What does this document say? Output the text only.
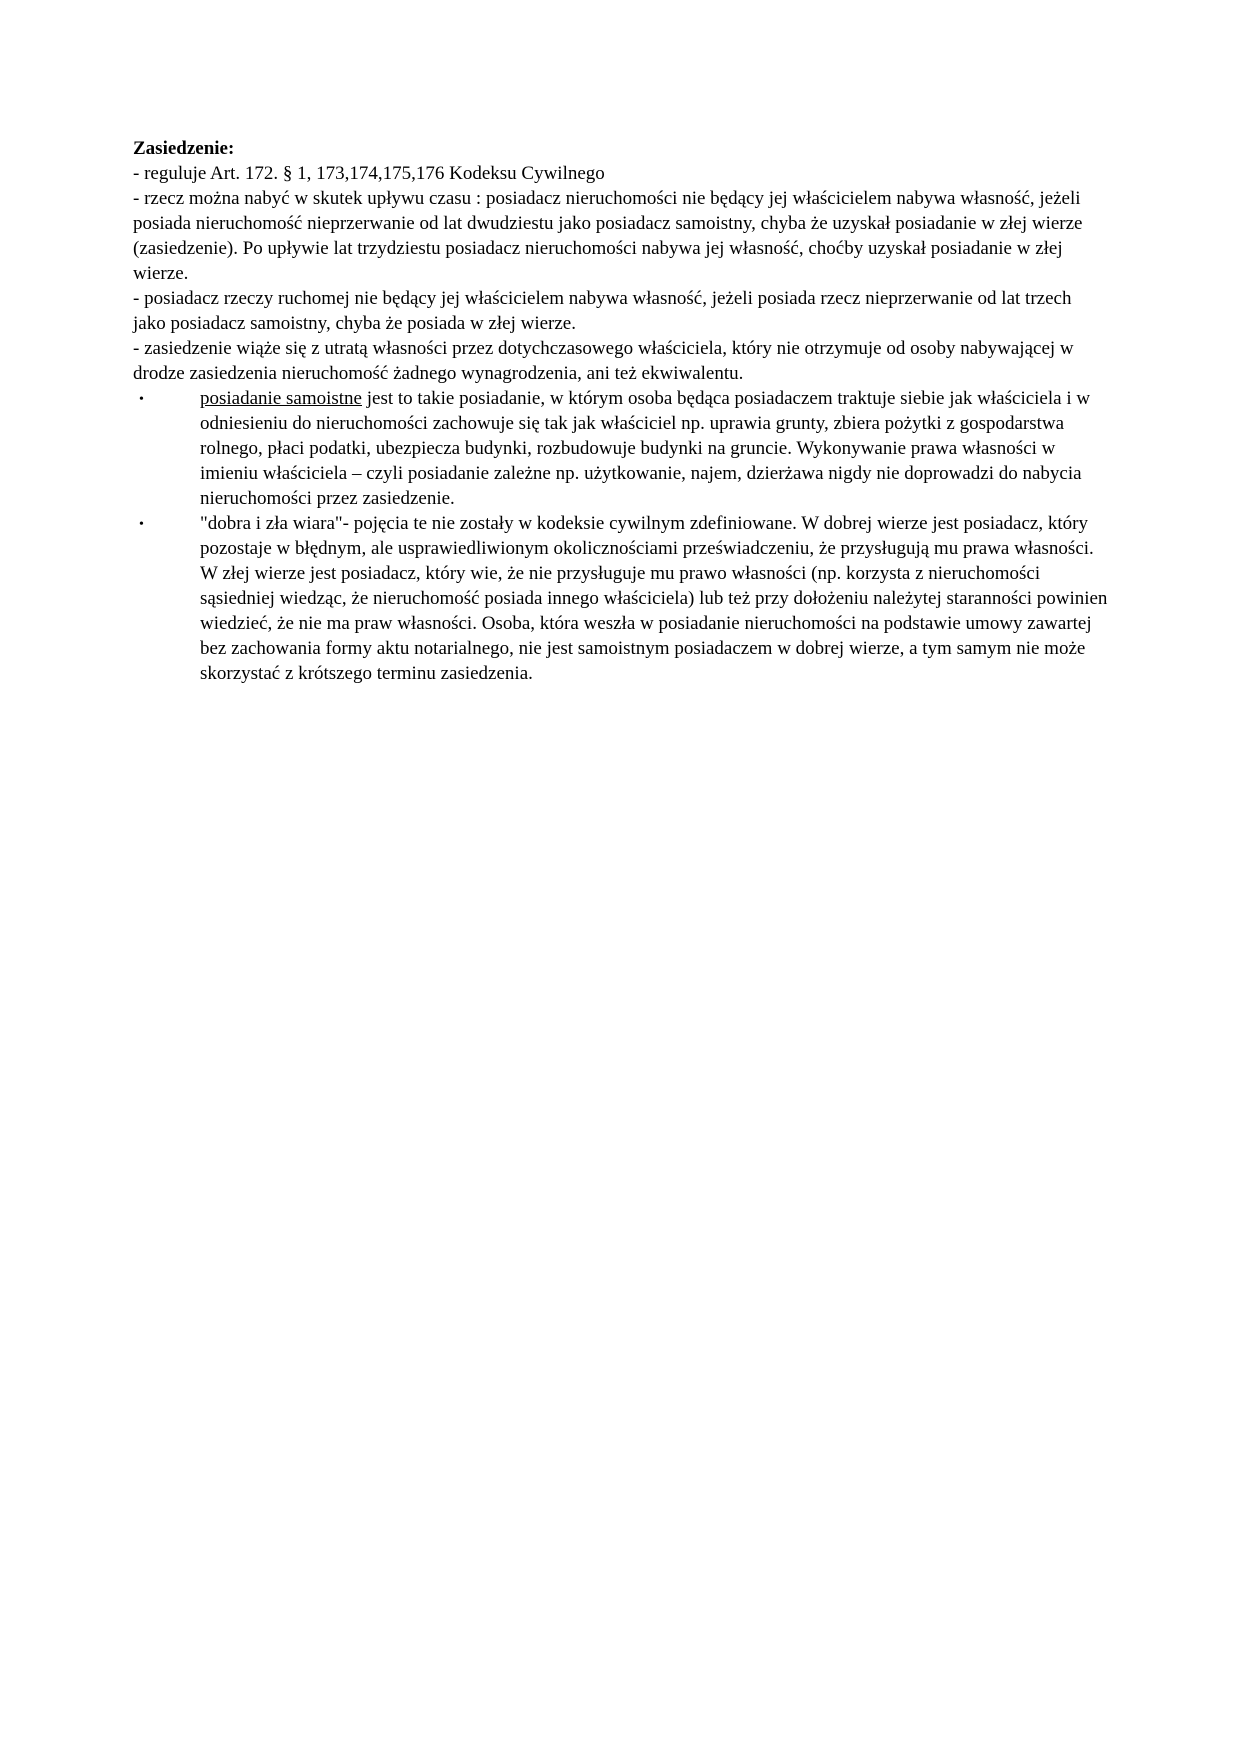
Zasiedzenie:

- reguluje Art. 172. § 1, 173,174,175,176 Kodeksu Cywilnego

- rzecz można nabyć w skutek upływu czasu : posiadacz nieruchomości nie będący jej właścicielem nabywa własność, jeżeli posiada nieruchomość nieprzerwanie od lat dwudziestu jako posiadacz samoistny, chyba że uzyskał posiadanie w złej wierze (zasiedzenie). Po upływie lat trzydziestu posiadacz nieruchomości nabywa jej własność, choćby uzyskał posiadanie w złej wierze.

- posiadacz rzeczy ruchomej nie będący jej właścicielem nabywa własność, jeżeli posiada rzecz nieprzerwanie od lat trzech jako posiadacz samoistny, chyba że posiada w złej wierze.

- zasiedzenie wiąże się z utratą własności przez dotychczasowego właściciela, który nie otrzymuje od osoby nabywającej w drodze zasiedzenia nieruchomość żadnego wynagrodzenia, ani też ekwiwalentu.

•	posiadanie samoistne jest to takie posiadanie, w którym osoba będąca posiadaczem traktuje siebie jak właściciela i w odniesieniu do nieruchomości zachowuje się tak jak właściciel np. uprawia grunty, zbiera pożytki z gospodarstwa rolnego, płaci podatki, ubezpiecza budynki, rozbudowuje budynki na gruncie. Wykonywanie prawa własności w imieniu właściciela – czyli posiadanie zależne np. użytkowanie, najem, dzierżawa nigdy nie doprowadzi do nabycia nieruchomości przez zasiedzenie.
•	"dobra i zła wiara"- pojęcia te nie zostały w kodeksie cywilnym zdefiniowane. W dobrej wierze jest posiadacz, który pozostaje w błędnym, ale usprawiedliwionym okolicznościami przeświadczeniu, że przysługują mu prawa własności. W złej wierze jest posiadacz, który wie, że nie przysługuje mu prawo własności (np. korzysta z nieruchomości sąsiedniej wiedząc, że nieruchomość posiada innego właściciela) lub też przy dołożeniu należytej staranności powinien wiedzieć, że nie ma praw własności. Osoba, która weszła w posiadanie nieruchomości na podstawie umowy zawartej bez zachowania formy aktu notarialnego, nie jest samoistnym posiadaczem w dobrej wierze, a tym samym nie może skorzystać z krótszego terminu zasiedzenia.
